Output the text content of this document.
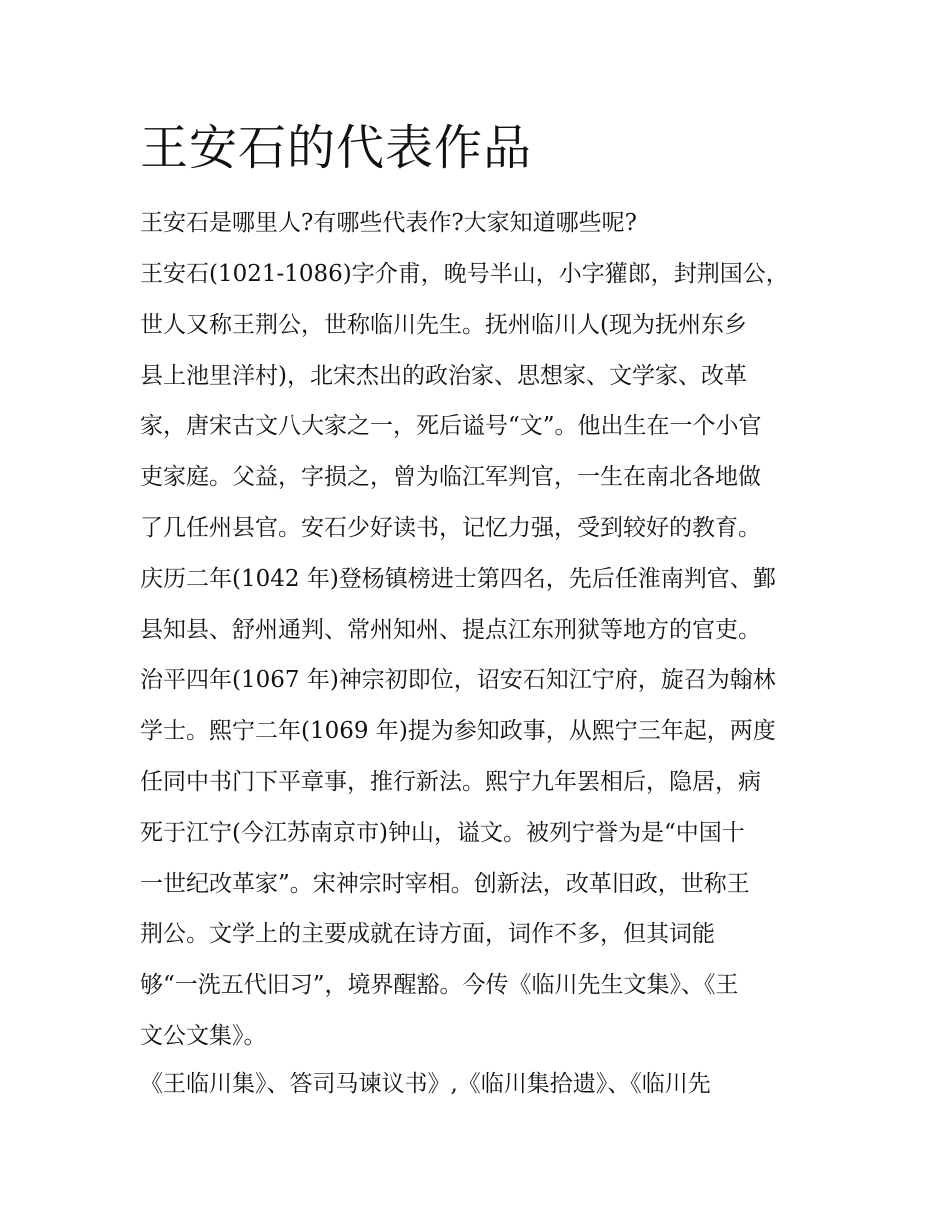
王安石的代表作品

王安石是哪里人?有哪些代表作?大家知道哪些呢?

王安石(1021-1086)字介甫，晚号半山，小字獾郎，封荆国公，
世人又称王荆公，世称临川先生。抚州临川人(现为抚州东乡
县上池里洋村)，北宋杰出的政治家、思想家、文学家、改革
家，唐宋古文八大家之一，死后谥号“文”。他出生在一个小官
吏家庭。父益，字损之，曾为临江军判官，一生在南北各地做
了几任州县官。安石少好读书，记忆力强，受到较好的教育。
庆历二年(1042 年)登杨镇榜进士第四名，先后任淮南判官、鄞
县知县、舒州通判、常州知州、提点江东刑狱等地方的官吏。
治平四年(1067 年)神宗初即位，诏安石知江宁府，旋召为翰林
学士。熙宁二年(1069 年)提为参知政事，从熙宁三年起，两度
任同中书门下平章事，推行新法。熙宁九年罢相后，隐居，病
死于江宁(今江苏南京市)钟山，谥文。被列宁誉为是“中国十
一世纪改革家”。宋神宗时宰相。创新法，改革旧政，世称王
荆公。文学上的主要成就在诗方面，词作不多，但其词能
够“一洗五代旧习”，境界醒豁。今传《临川先生文集》、《王
文公文集》。

《王临川集》、答司马谏议书》,《临川集拾遗》、《临川先
